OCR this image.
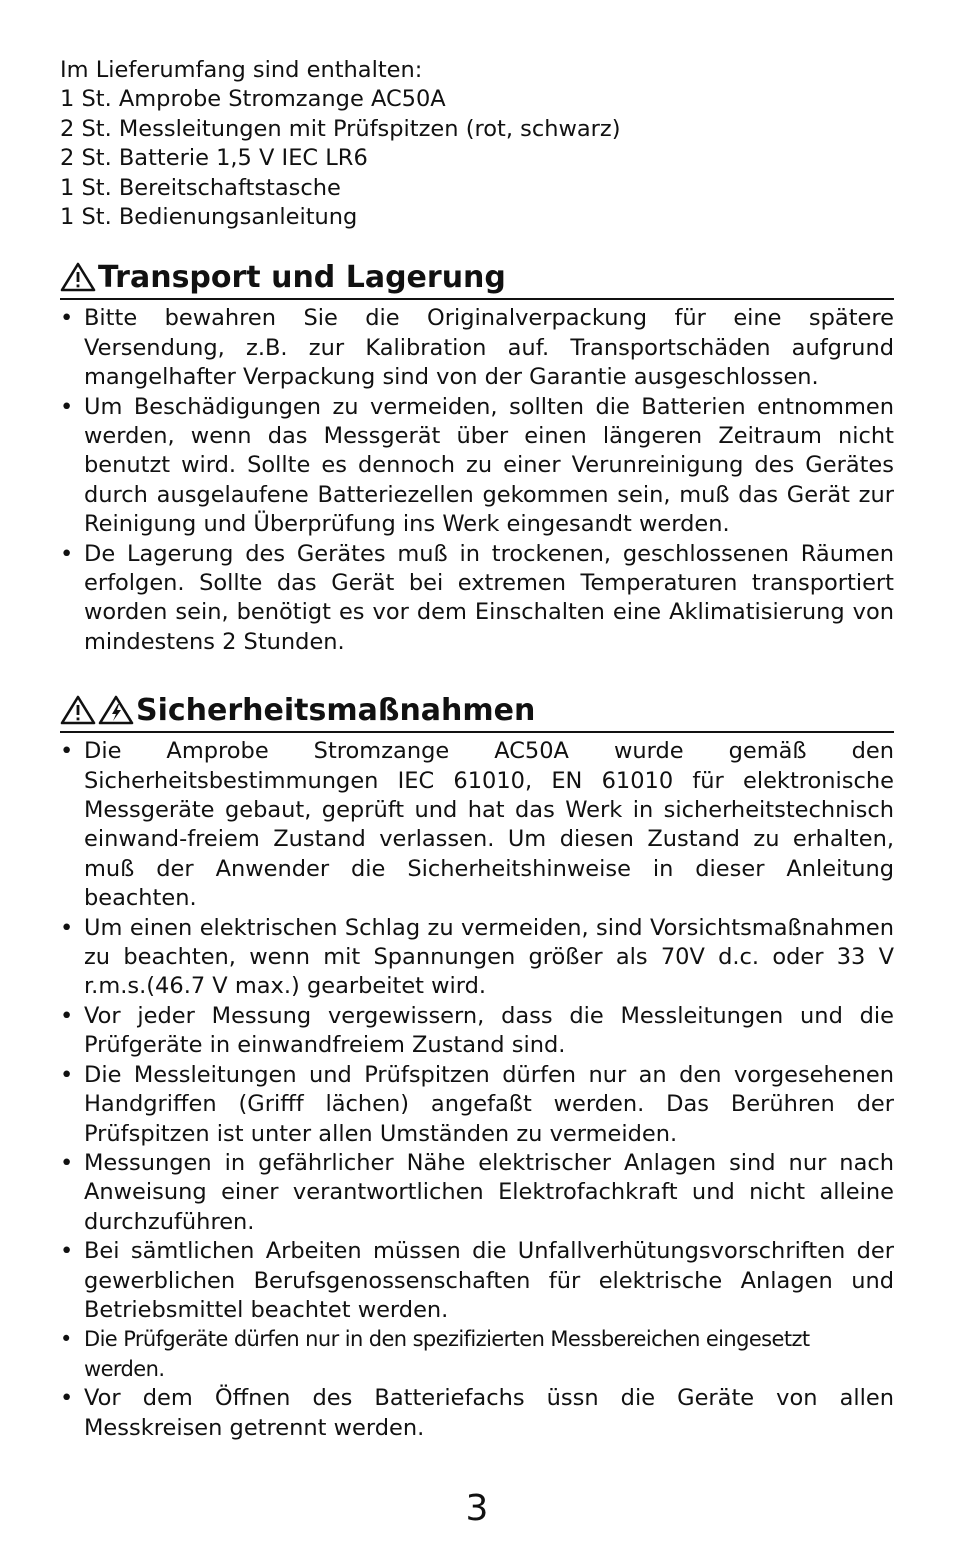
Im Lieferumfang sind enthalten:
1 St. Amprobe Stromzange AC50A
2 St. Messleitungen mit Prüfspitzen (rot, schwarz)
2 St. Batterie 1,5 V IEC LR6
1 St. Bereitschaftstasche
1 St. Bedienungsanleitung
Transport und Lagerung
• Bitte bewahren Sie die Originalverpackung für eine spätere Versendung, z.B. zur Kalibration auf. Transportschäden aufgrund mangelhafter Verpackung sind von der Garantie ausgeschlossen.
• Um Beschädigungen zu vermeiden, sollten die Batterien entnommen werden, wenn das Messgerät über einen längeren Zeitraum nicht benutzt wird. Sollte es dennoch zu einer Verunreinigung des Gerätes durch ausgelaufene Batteriezellen gekommen sein, muß das Gerät zur Reinigung und Überprüfung ins Werk eingesandt werden.
• De Lagerung des Gerätes muß in trockenen, geschlossenen Räumen erfolgen. Sollte das Gerät bei extremen Temperaturen transportiert worden sein, benötigt es vor dem Einschalten eine Aklimatisierung von mindestens 2 Stunden.
Sicherheitsmaßnahmen
• Die Amprobe Stromzange AC50A wurde gemäß den Sicherheitsbestimmungen IEC 61010, EN 61010 für elektronische Messgeräte gebaut, geprüft und hat das Werk in sicherheitstechnisch einwand-freiem Zustand verlassen. Um diesen Zustand zu erhalten, muß der Anwender die Sicherheitshinweise in dieser Anleitung beachten.
• Um einen elektrischen Schlag zu vermeiden, sind Vorsichtsmaßnahmen zu beachten, wenn mit Spannungen größer als 70V d.c. oder 33 V r.m.s.(46.7 V max.) gearbeitet wird.
• Vor jeder Messung vergewissern, dass die Messleitungen und die Prüfgeräte in einwandfreiem Zustand sind.
• Die Messleitungen und Prüfspitzen dürfen nur an den vorgesehenen Handgriffen (Grifff lächen) angefaßt werden. Das Berühren der Prüfspitzen ist unter allen Umständen zu vermeiden.
• Messungen in gefährlicher Nähe elektrischer Anlagen sind nur nach Anweisung einer verantwortlichen Elektrofachkraft und nicht alleine durchzuführen.
• Bei sämtlichen Arbeiten müssen die Unfallverhütungsvorschriften der gewerblichen Berufsgenossenschaften für elektrische Anlagen und Betriebsmittel beachtet werden.
• Die Prüfgeräte dürfen nur in den spezifizierten Messbereichen eingesetzt werden.
• Vor dem Öffnen des Batteriefachs üssn die Geräte von allen Messkreisen getrennt werden.
3
